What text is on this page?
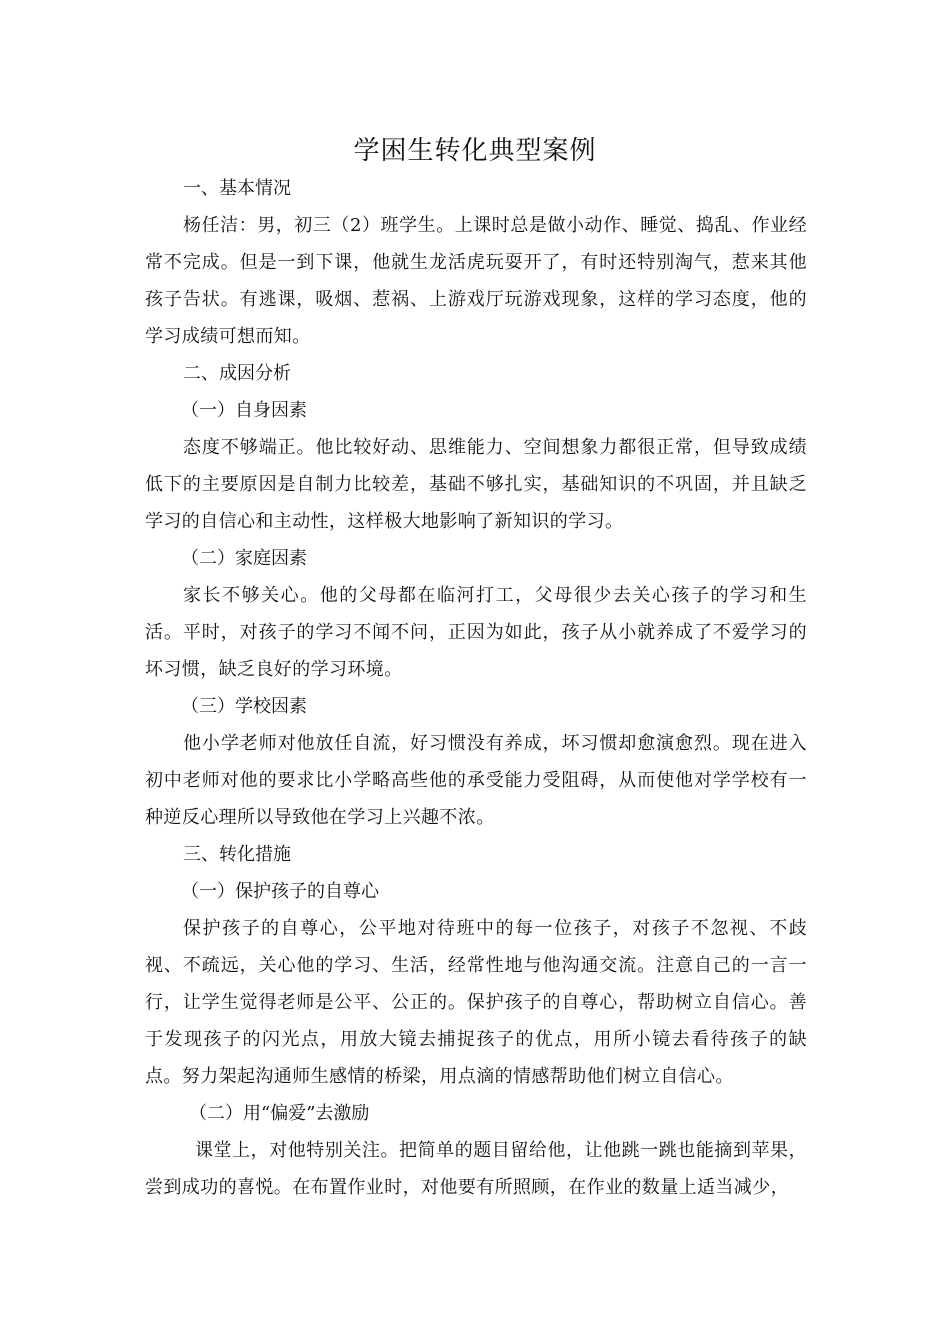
学困生转化典型案例
一、基本情况

杨任洁：男，初三（2）班学生。上课时总是做小动作、睡觉、捣乱、作业经常不完成。但是一到下课，他就生龙活虎玩耍开了，有时还特别淘气，惹来其他孩子告状。有逃课，吸烟、惹祸、上游戏厅玩游戏现象，这样的学习态度，他的学习成绩可想而知。

二、成因分析
（一）自身因素

态度不够端正。他比较好动、思维能力、空间想象力都很正常，但导致成绩低下的主要原因是自制力比较差，基础不够扎实，基础知识的不巩固，并且缺乏学习的自信心和主动性，这样极大地影响了新知识的学习。

（二）家庭因素

家长不够关心。他的父母都在临河打工，父母很少去关心孩子的学习和生活。平时，对孩子的学习不闻不问，正因为如此，孩子从小就养成了不爱学习的坏习惯，缺乏良好的学习环境。

（三）学校因素

他小学老师对他放任自流，好习惯没有养成，坏习惯却愈演愈烈。现在进入初中老师对他的要求比小学略高些他的承受能力受阻碍，从而使他对学学校有一种逆反心理所以导致他在学习上兴趣不浓。

三、转化措施
（一）保护孩子的自尊心

保护孩子的自尊心，公平地对待班中的每一位孩子，对孩子不忽视、不歧视、不疏远，关心他的学习、生活，经常性地与他沟通交流。注意自己的一言一行，让学生觉得老师是公平、公正的。保护孩子的自尊心，帮助树立自信心。善于发现孩子的闪光点，用放大镜去捕捉孩子的优点，用所小镜去看待孩子的缺点。努力架起沟通师生感情的桥梁，用点滴的情感帮助他们树立自信心。

（二）用“偏爱”去激励

课堂上，对他特别关注。把简单的题目留给他，让他跳一跳也能摘到苹果，尝到成功的喜悦。在布置作业时，对他要有所照顾，在作业的数量上适当减少，
